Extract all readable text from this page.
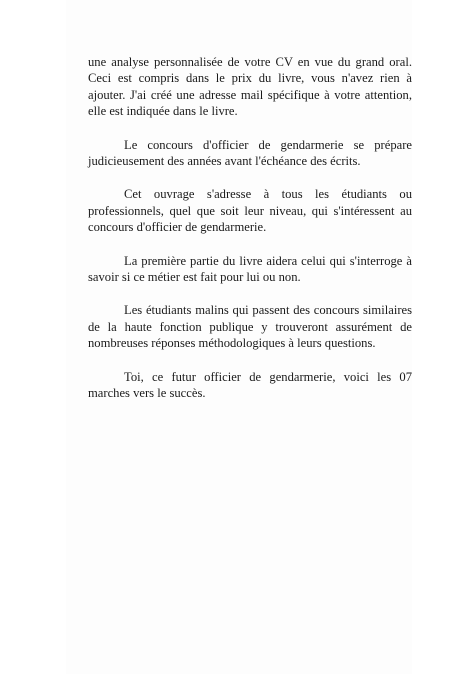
une analyse personnalisée de votre CV en vue du grand oral. Ceci est compris dans le prix du livre, vous n'avez rien à ajouter. J'ai créé une adresse mail spécifique à votre attention, elle est indiquée dans le livre.

Le concours d'officier de gendarmerie se prépare judicieusement des années avant l'échéance des écrits.

Cet ouvrage s'adresse à tous les étudiants ou professionnels, quel que soit leur niveau, qui s'intéressent au concours d'officier de gendarmerie.

La première partie du livre aidera celui qui s'interroge à savoir si ce métier est fait pour lui ou non.

Les étudiants malins qui passent des concours similaires de la haute fonction publique y trouveront assurément de nombreuses réponses méthodologiques à leurs questions.

Toi, ce futur officier de gendarmerie, voici les 07 marches vers le succès.
